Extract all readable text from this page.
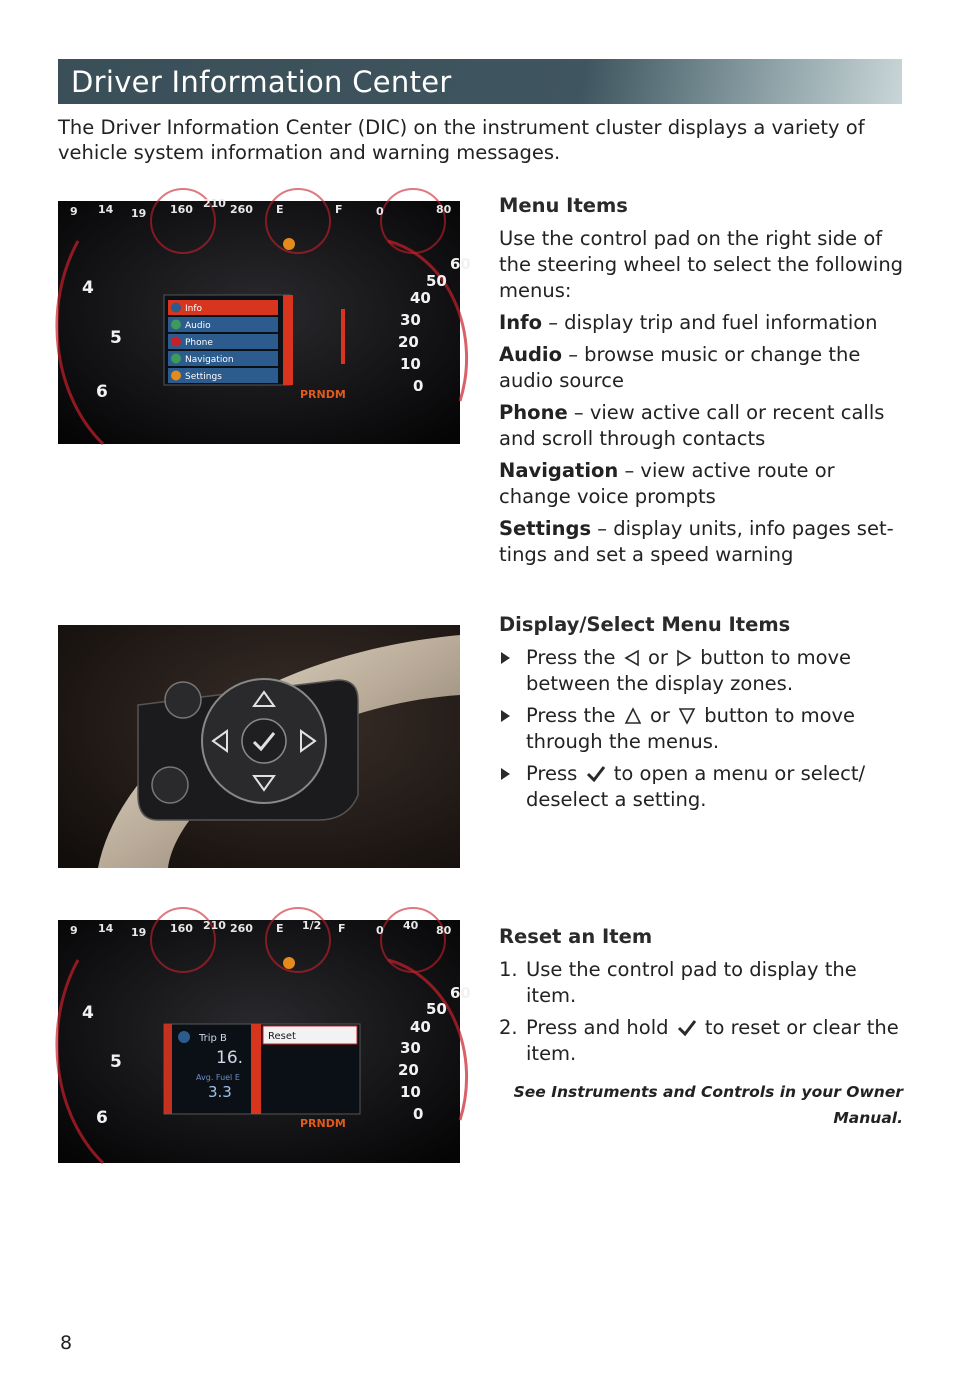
Driver Information Center
The Driver Information Center (DIC) on the instrument cluster displays a variety of vehicle system information and warning messages.
9 14 19 160 210 260 E	F	0	80
4
5
6
60
50
40
30
20
10
0
Info
Audio
Phone
Navigation
Settings
PRNDM
Menu Items

Use the control pad on the right side of the steering wheel to select the following menus:

Info – display trip and fuel information

Audio – browse music or change the audio source

Phone – view active call or recent calls and scroll through contacts

Navigation – view active route or change voice prompts

Settings – display units, info pages set-tings and set a speed warning

Display/Select Menu Items
Press the or button to move between the display zones.
Press the or button to move through the menus.
Press to open a menu or select/ deselect a setting.
9 14 19 160 210 260 E 1/2 F	0 40 80
4
5
6
60
50
40
30
20
10
0
Trip B
16.
Avg. Fuel E
3.3
Reset
PRNDM
Reset an Item
1. Use the control pad to display the item.
2. Press and hold to reset or clear the item.
See Instruments and Controls in your Owner Manual.
8
